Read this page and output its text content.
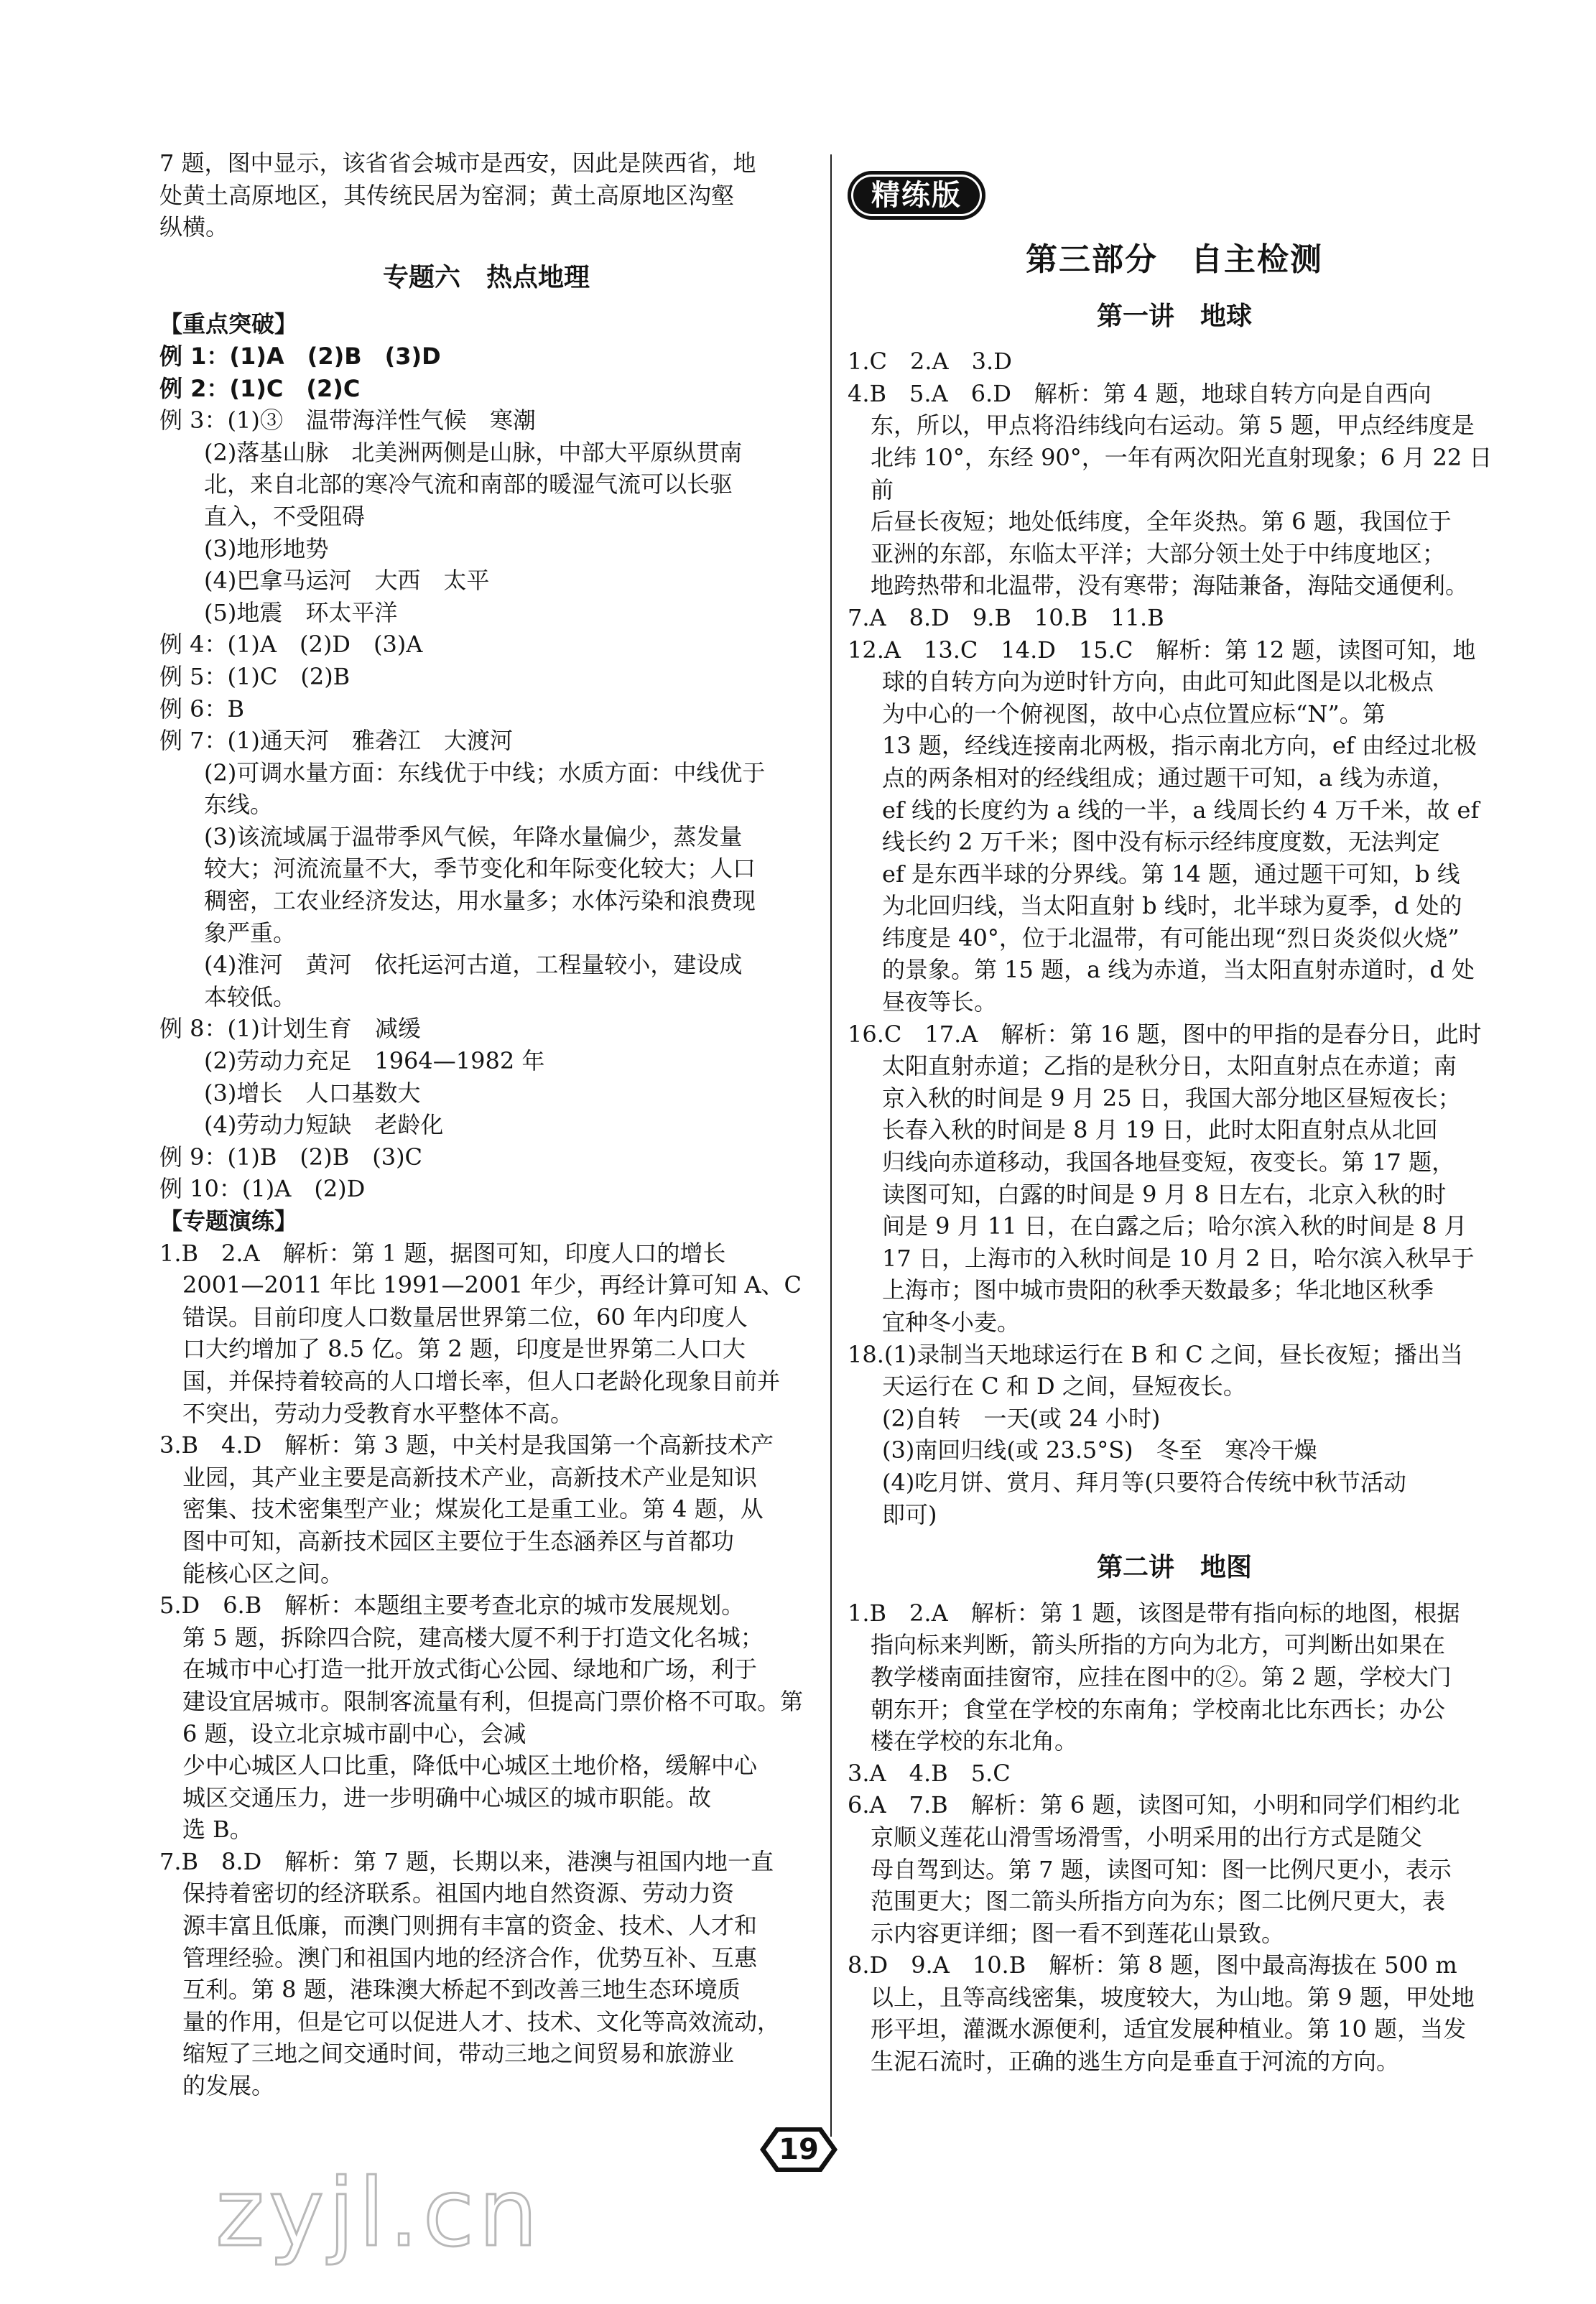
7 题，图中显示，该省省会城市是西安，因此是陕西省，地

处黄土高原地区，其传统民居为窑洞；黄土高原地区沟壑

纵横。

专题六　热点地理

【重点突破】

例 1：(1)A　(2)B　(3)D

例 2：(1)C　(2)C

例 3：(1)③　温带海洋性气候　寒潮

(2)落基山脉　北美洲两侧是山脉，中部大平原纵贯南

北，来自北部的寒冷气流和南部的暖湿气流可以长驱

直入，不受阻碍

(3)地形地势

(4)巴拿马运河　大西　太平

(5)地震　环太平洋

例 4：(1)A　(2)D　(3)A

例 5：(1)C　(2)B

例 6：B

例 7：(1)通天河　雅砻江　大渡河

(2)可调水量方面：东线优于中线；水质方面：中线优于

东线。

(3)该流域属于温带季风气候，年降水量偏少，蒸发量

较大；河流流量不大，季节变化和年际变化较大；人口

稠密，工农业经济发达，用水量多；水体污染和浪费现

象严重。

(4)淮河　黄河　依托运河古道，工程量较小，建设成

本较低。

例 8：(1)计划生育　减缓

(2)劳动力充足　1964—1982 年

(3)增长　人口基数大

(4)劳动力短缺　老龄化

例 9：(1)B　(2)B　(3)C

例 10：(1)A　(2)D

【专题演练】

1.B　2.A　解析：第 1 题，据图可知，印度人口的增长

2001—2011 年比 1991—2001 年少，再经计算可知 A、C

错误。目前印度人口数量居世界第二位，60 年内印度人

口大约增加了 8.5 亿。第 2 题，印度是世界第二人口大

国，并保持着较高的人口增长率，但人口老龄化现象目前并

不突出，劳动力受教育水平整体不高。

3.B　4.D　解析：第 3 题，中关村是我国第一个高新技术产

业园，其产业主要是高新技术产业，高新技术产业是知识

密集、技术密集型产业；煤炭化工是重工业。第 4 题，从

图中可知，高新技术园区主要位于生态涵养区与首都功

能核心区之间。

5.D　6.B　解析：本题组主要考查北京的城市发展规划。

第 5 题，拆除四合院，建高楼大厦不利于打造文化名城；

在城市中心打造一批开放式街心公园、绿地和广场，利于

建设宜居城市。限制客流量有利，但提高门票价格不可取。第 6 题，设立北京城市副中心，会减

少中心城区人口比重，降低中心城区土地价格，缓解中心

城区交通压力，进一步明确中心城区的城市职能。故

选 B。

7.B　8.D　解析：第 7 题，长期以来，港澳与祖国内地一直

保持着密切的经济联系。祖国内地自然资源、劳动力资

源丰富且低廉，而澳门则拥有丰富的资金、技术、人才和

管理经验。澳门和祖国内地的经济合作，优势互补、互惠

互利。第 8 题，港珠澳大桥起不到改善三地生态环境质

量的作用，但是它可以促进人才、技术、文化等高效流动，

缩短了三地之间交通时间，带动三地之间贸易和旅游业

的发展。

精练版
第三部分　自主检测
第一讲　地球

1.C　2.A　3.D

4.B　5.A　6.D　解析：第 4 题，地球自转方向是自西向

东，所以，甲点将沿纬线向右运动。第 5 题，甲点经纬度是

北纬 10°，东经 90°，一年有两次阳光直射现象；6 月 22 日前

后昼长夜短；地处低纬度，全年炎热。第 6 题，我国位于

亚洲的东部，东临太平洋；大部分领土处于中纬度地区；

地跨热带和北温带，没有寒带；海陆兼备，海陆交通便利。

7.A　8.D　9.B　10.B　11.B

12.A　13.C　14.D　15.C　解析：第 12 题，读图可知，地

球的自转方向为逆时针方向，由此可知此图是以北极点

为中心的一个俯视图，故中心点位置应标“N”。第

13 题，经线连接南北两极，指示南北方向，ef 由经过北极

点的两条相对的经线组成；通过题干可知，a 线为赤道，

ef 线的长度约为 a 线的一半，a 线周长约 4 万千米，故 ef

线长约 2 万千米；图中没有标示经纬度度数，无法判定

ef 是东西半球的分界线。第 14 题，通过题干可知，b 线

为北回归线，当太阳直射 b 线时，北半球为夏季，d 处的

纬度是 40°，位于北温带，有可能出现“烈日炎炎似火烧”

的景象。第 15 题，a 线为赤道，当太阳直射赤道时，d 处

昼夜等长。

16.C　17.A　解析：第 16 题，图中的甲指的是春分日，此时

太阳直射赤道；乙指的是秋分日，太阳直射点在赤道；南

京入秋的时间是 9 月 25 日，我国大部分地区昼短夜长；

长春入秋的时间是 8 月 19 日，此时太阳直射点从北回

归线向赤道移动，我国各地昼变短，夜变长。第 17 题，

读图可知，白露的时间是 9 月 8 日左右，北京入秋的时

间是 9 月 11 日，在白露之后；哈尔滨入秋的时间是 8 月

17 日，上海市的入秋时间是 10 月 2 日，哈尔滨入秋早于

上海市；图中城市贵阳的秋季天数最多；华北地区秋季

宜种冬小麦。

18.(1)录制当天地球运行在 B 和 C 之间，昼长夜短；播出当

天运行在 C 和 D 之间，昼短夜长。

(2)自转　一天(或 24 小时)

(3)南回归线(或 23.5°S)　冬至　寒冷干燥

(4)吃月饼、赏月、拜月等(只要符合传统中秋节活动

即可)

第二讲　地图

1.B　2.A　解析：第 1 题，该图是带有指向标的地图，根据

指向标来判断，箭头所指的方向为北方，可判断出如果在

教学楼南面挂窗帘，应挂在图中的②。第 2 题，学校大门

朝东开；食堂在学校的东南角；学校南北比东西长；办公

楼在学校的东北角。

3.A　4.B　5.C

6.A　7.B　解析：第 6 题，读图可知，小明和同学们相约北

京顺义莲花山滑雪场滑雪，小明采用的出行方式是随父

母自驾到达。第 7 题，读图可知：图一比例尺更小，表示

范围更大；图二箭头所指方向为东；图二比例尺更大，表

示内容更详细；图一看不到莲花山景致。

8.D　9.A　10.B　解析：第 8 题，图中最高海拔在 500 m

以上，且等高线密集，坡度较大，为山地。第 9 题，甲处地

形平坦，灌溉水源便利，适宜发展种植业。第 10 题，当发

生泥石流时，正确的逃生方向是垂直于河流的方向。

19
zyjl.cn
